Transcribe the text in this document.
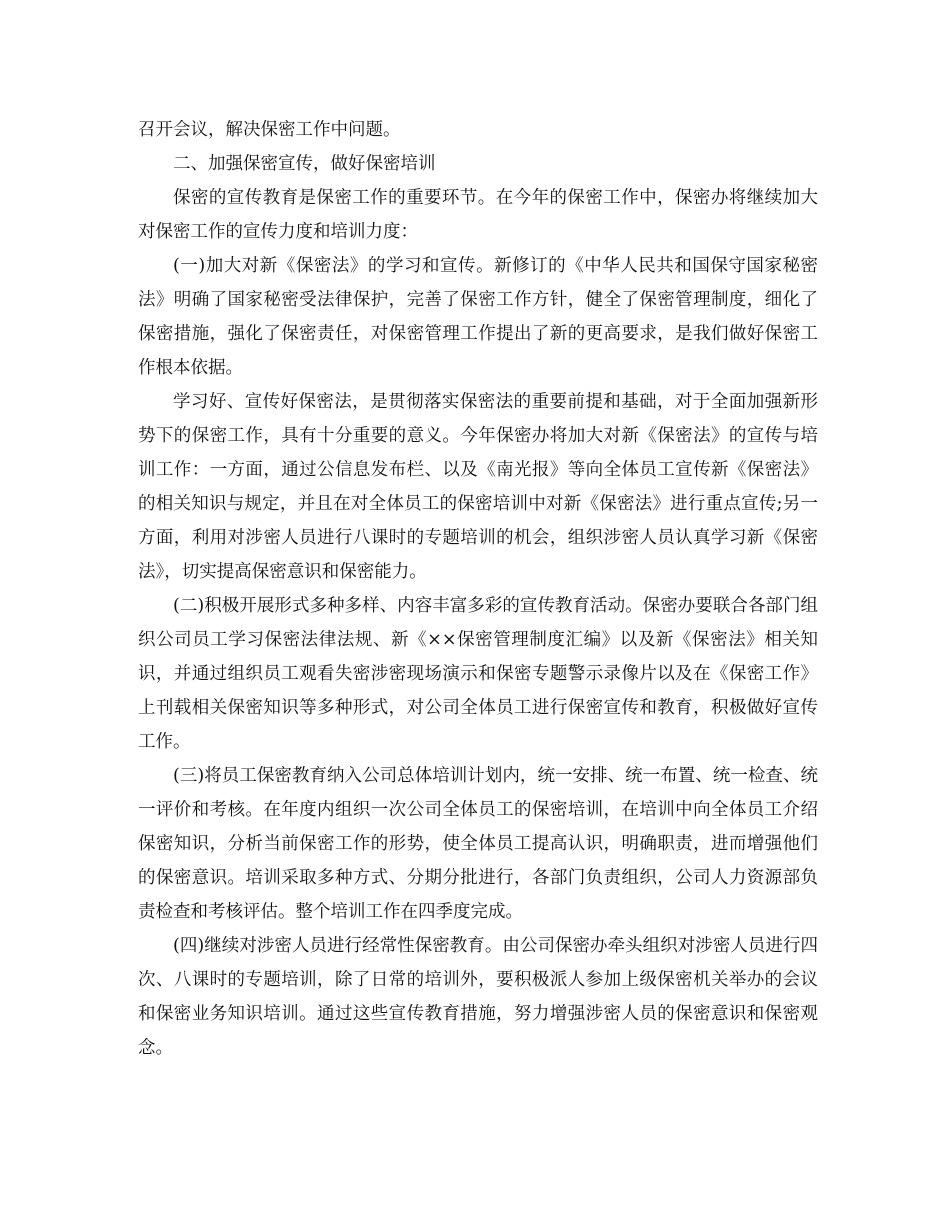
召开会议，解决保密工作中问题。

二、加强保密宣传，做好保密培训

保密的宣传教育是保密工作的重要环节。在今年的保密工作中，保密办将继续加大对保密工作的宣传力度和培训力度：

(一)加大对新《保密法》的学习和宣传。新修订的《中华人民共和国保守国家秘密法》明确了国家秘密受法律保护，完善了保密工作方针，健全了保密管理制度，细化了保密措施，强化了保密责任，对保密管理工作提出了新的更高要求，是我们做好保密工作根本依据。

学习好、宣传好保密法，是贯彻落实保密法的重要前提和基础，对于全面加强新形势下的保密工作，具有十分重要的意义。今年保密办将加大对新《保密法》的宣传与培训工作：一方面，通过公信息发布栏、以及《南光报》等向全体员工宣传新《保密法》的相关知识与规定，并且在对全体员工的保密培训中对新《保密法》进行重点宣传;另一方面，利用对涉密人员进行八课时的专题培训的机会，组织涉密人员认真学习新《保密法》，切实提高保密意识和保密能力。

(二)积极开展形式多种多样、内容丰富多彩的宣传教育活动。保密办要联合各部门组织公司员工学习保密法律法规、新《××保密管理制度汇编》以及新《保密法》相关知识，并通过组织员工观看失密涉密现场演示和保密专题警示录像片以及在《保密工作》上刊载相关保密知识等多种形式，对公司全体员工进行保密宣传和教育，积极做好宣传工作。

(三)将员工保密教育纳入公司总体培训计划内，统一安排、统一布置、统一检查、统一评价和考核。在年度内组织一次公司全体员工的保密培训，在培训中向全体员工介绍保密知识，分析当前保密工作的形势，使全体员工提高认识，明确职责，进而增强他们的保密意识。培训采取多种方式、分期分批进行，各部门负责组织，公司人力资源部负责检查和考核评估。整个培训工作在四季度完成。

(四)继续对涉密人员进行经常性保密教育。由公司保密办牵头组织对涉密人员进行四次、八课时的专题培训，除了日常的培训外，要积极派人参加上级保密机关举办的会议和保密业务知识培训。通过这些宣传教育措施，努力增强涉密人员的保密意识和保密观念。
